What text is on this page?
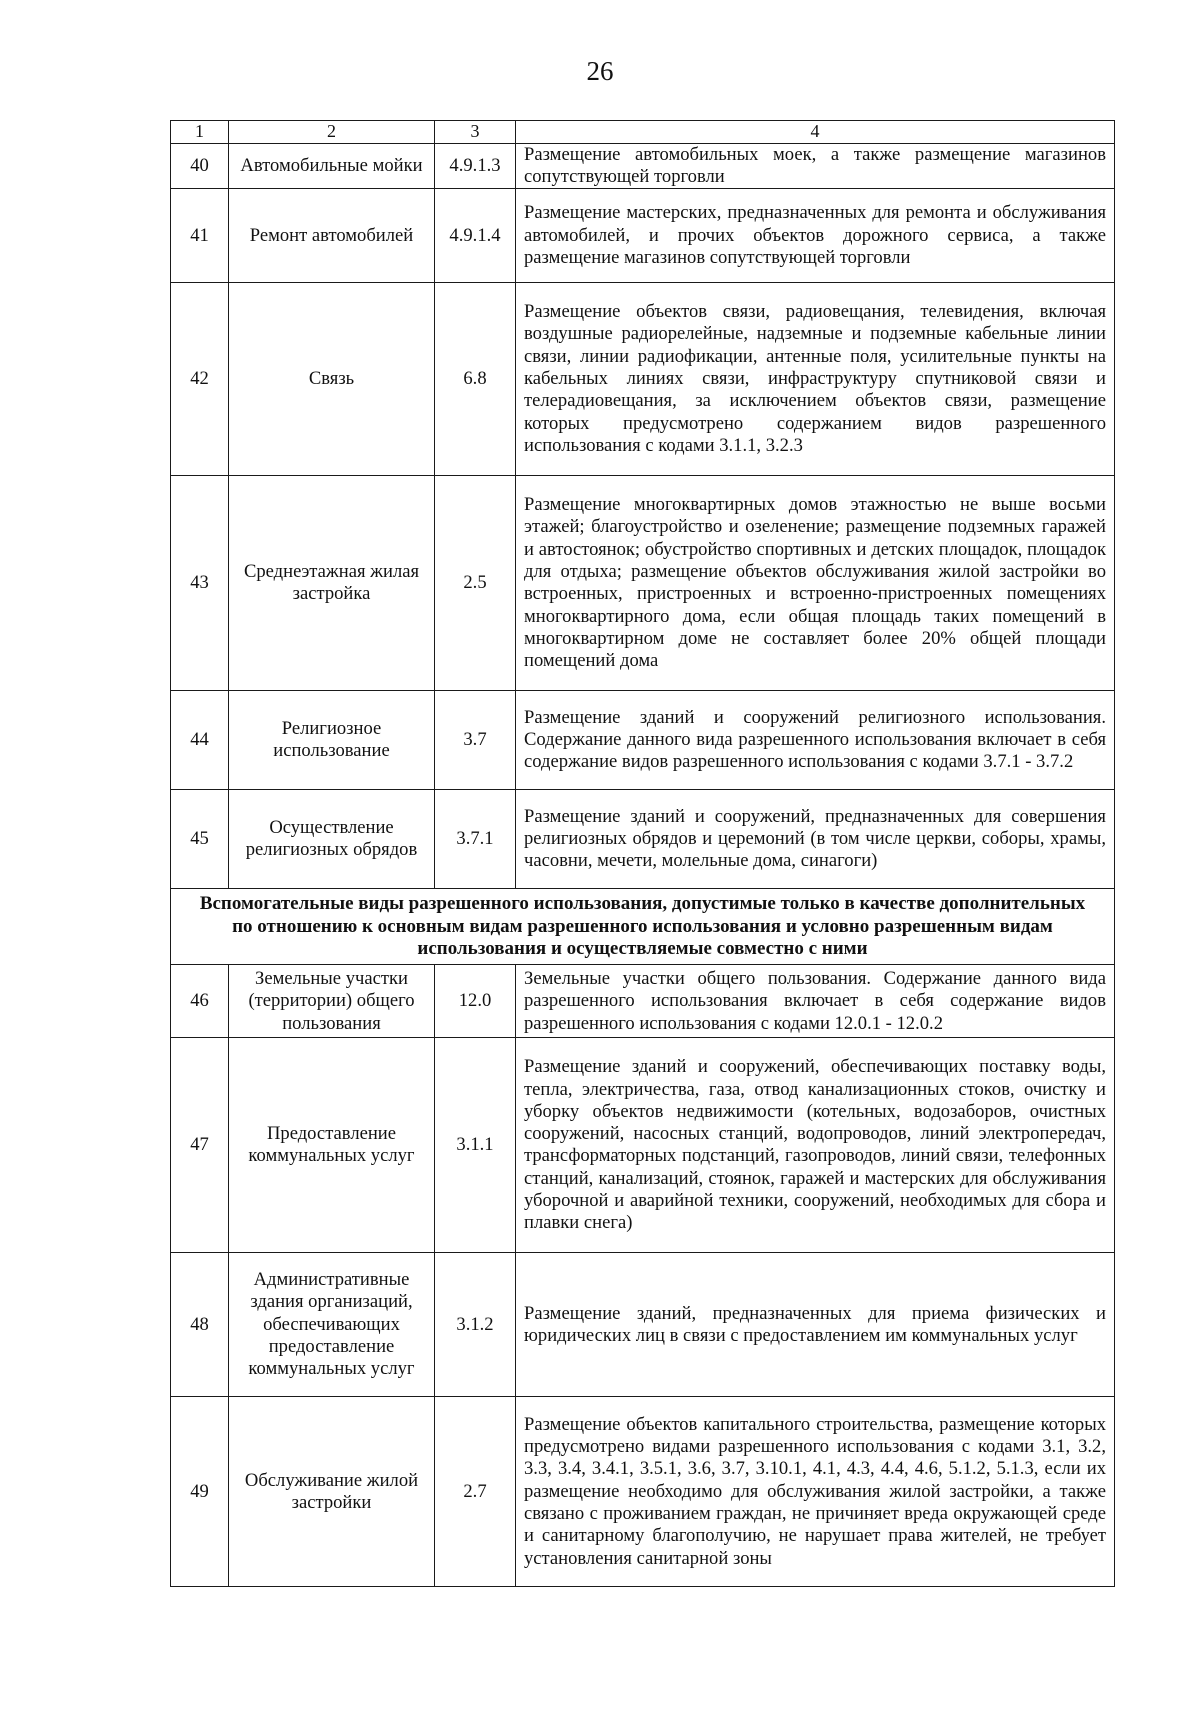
26
1	2	3	4
40	Автомобильные мойки	4.9.1.3	Размещение автомобильных моек, а также размещение магазинов сопутствующей торговли
41	Ремонт автомобилей	4.9.1.4	Размещение мастерских, предназначенных для ремонта и обслуживания автомобилей, и прочих объектов дорожного сервиса, а также размещение магазинов сопутствующей торговли
42	Связь	6.8	Размещение объектов связи, радиовещания, телевидения, включая воздушные радиорелейные, надземные и подземные кабельные линии связи, линии радиофикации, антенные поля, усилительные пункты на кабельных линиях связи, инфраструктуру спутниковой связи и телерадиовещания, за исключением объектов связи, размещение которых предусмотрено содержанием видов разрешенного использования с кодами 3.1.1, 3.2.3
43	Среднеэтажная жилая застройка	2.5	Размещение многоквартирных домов этажностью не выше восьми этажей; благоустройство и озеленение; размещение подземных гаражей и автостоянок; обустройство спортивных и детских площадок, площадок для отдыха; размещение объектов обслуживания жилой застройки во встроенных, пристроенных и встроенно-пристроенных помещениях многоквартирного дома, если общая площадь таких помещений в многоквартирном доме не составляет более 20% общей площади помещений дома
44	Религиозное использование	3.7	Размещение зданий и сооружений религиозного использования. Содержание данного вида разрешенного использования включает в себя содержание видов разрешенного использования с кодами 3.7.1 - 3.7.2
45	Осуществление религиозных обрядов	3.7.1	Размещение зданий и сооружений, предназначенных для совершения религиозных обрядов и церемоний (в том числе церкви, соборы, храмы, часовни, мечети, молельные дома, синагоги)
Вспомогательные виды разрешенного использования, допустимые только в качестве дополнительных по отношению к основным видам разрешенного использования и условно разрешенным видам использования и осуществляемые совместно с ними			
46	Земельные участки (территории) общего пользования	12.0	Земельные участки общего пользования. Содержание данного вида разрешенного использования включает в себя содержание видов разрешенного использования с кодами 12.0.1 - 12.0.2
47	Предоставление коммунальных услуг	3.1.1	Размещение зданий и сооружений, обеспечивающих поставку воды, тепла, электричества, газа, отвод канализационных стоков, очистку и уборку объектов недвижимости (котельных, водозаборов, очистных сооружений, насосных станций, водопроводов, линий электропередач, трансформаторных подстанций, газопроводов, линий связи, телефонных станций, канализаций, стоянок, гаражей и мастерских для обслуживания уборочной и аварийной техники, сооружений, необходимых для сбора и плавки снега)
48	Административные здания организаций, обеспечивающих предоставление коммунальных услуг	3.1.2	Размещение зданий, предназначенных для приема физических и юридических лиц в связи с предоставлением им коммунальных услуг
49	Обслуживание жилой застройки	2.7	Размещение объектов капитального строительства, размещение которых предусмотрено видами разрешенного использования с кодами 3.1, 3.2, 3.3, 3.4, 3.4.1, 3.5.1, 3.6, 3.7, 3.10.1, 4.1, 4.3, 4.4, 4.6, 5.1.2, 5.1.3, если их размещение необходимо для обслуживания жилой застройки, а также связано с проживанием граждан, не причиняет вреда окружающей среде и санитарному благополучию, не нарушает права жителей, не требует установления санитарной зоны
